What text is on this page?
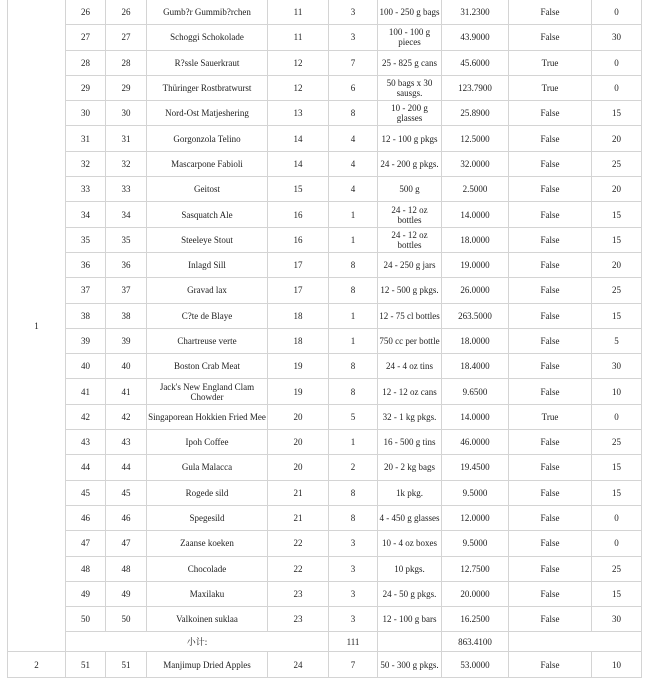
1	26	26	Gumb?r Gummib?rchen	11	3	100 - 250 g bags	31.2300	False	0
	27	27	Schoggi Schokolade	11	3	100 - 100 g pieces	43.9000	False	30
	28	28	R?ssle Sauerkraut	12	7	25 - 825 g cans	45.6000	True	0
	29	29	Thüringer Rostbratwurst	12	6	50 bags x 30 sausgs.	123.7900	True	0
	30	30	Nord-Ost Matjeshering	13	8	10 - 200 g glasses	25.8900	False	15
	31	31	Gorgonzola Telino	14	4	12 - 100 g pkgs	12.5000	False	20
	32	32	Mascarpone Fabioli	14	4	24 - 200 g pkgs.	32.0000	False	25
	33	33	Geitost	15	4	500 g	2.5000	False	20
	34	34	Sasquatch Ale	16	1	24 - 12 oz bottles	14.0000	False	15
	35	35	Steeleye Stout	16	1	24 - 12 oz bottles	18.0000	False	15
	36	36	Inlagd Sill	17	8	24 - 250 g jars	19.0000	False	20
	37	37	Gravad lax	17	8	12 - 500 g pkgs.	26.0000	False	25
	38	38	C?te de Blaye	18	1	12 - 75 cl bottles	263.5000	False	15
	39	39	Chartreuse verte	18	1	750 cc per bottle	18.0000	False	5
	40	40	Boston Crab Meat	19	8	24 - 4 oz tins	18.4000	False	30
	41	41	Jack's New England Clam Chowder	19	8	12 - 12 oz cans	9.6500	False	10
	42	42	Singaporean Hokkien Fried Mee	20	5	32 - 1 kg pkgs.	14.0000	True	0
	43	43	Ipoh Coffee	20	1	16 - 500 g tins	46.0000	False	25
	44	44	Gula Malacca	20	2	20 - 2 kg bags	19.4500	False	15
	45	45	Rogede sild	21	8	1k pkg.	9.5000	False	15
	46	46	Spegesild	21	8	4 - 450 g glasses	12.0000	False	0
	47	47	Zaanse koeken	22	3	10 - 4 oz boxes	9.5000	False	0
	48	48	Chocolade	22	3	10 pkgs.	12.7500	False	25
	49	49	Maxilaku	23	3	24 - 50 g pkgs.	20.0000	False	15
	50	50	Valkoinen suklaa	23	3	12 - 100 g bars	16.2500	False	30
	小计:				111		863.4100		
2	51	51	Manjimup Dried Apples	24	7	50 - 300 g pkgs.	53.0000	False	10
